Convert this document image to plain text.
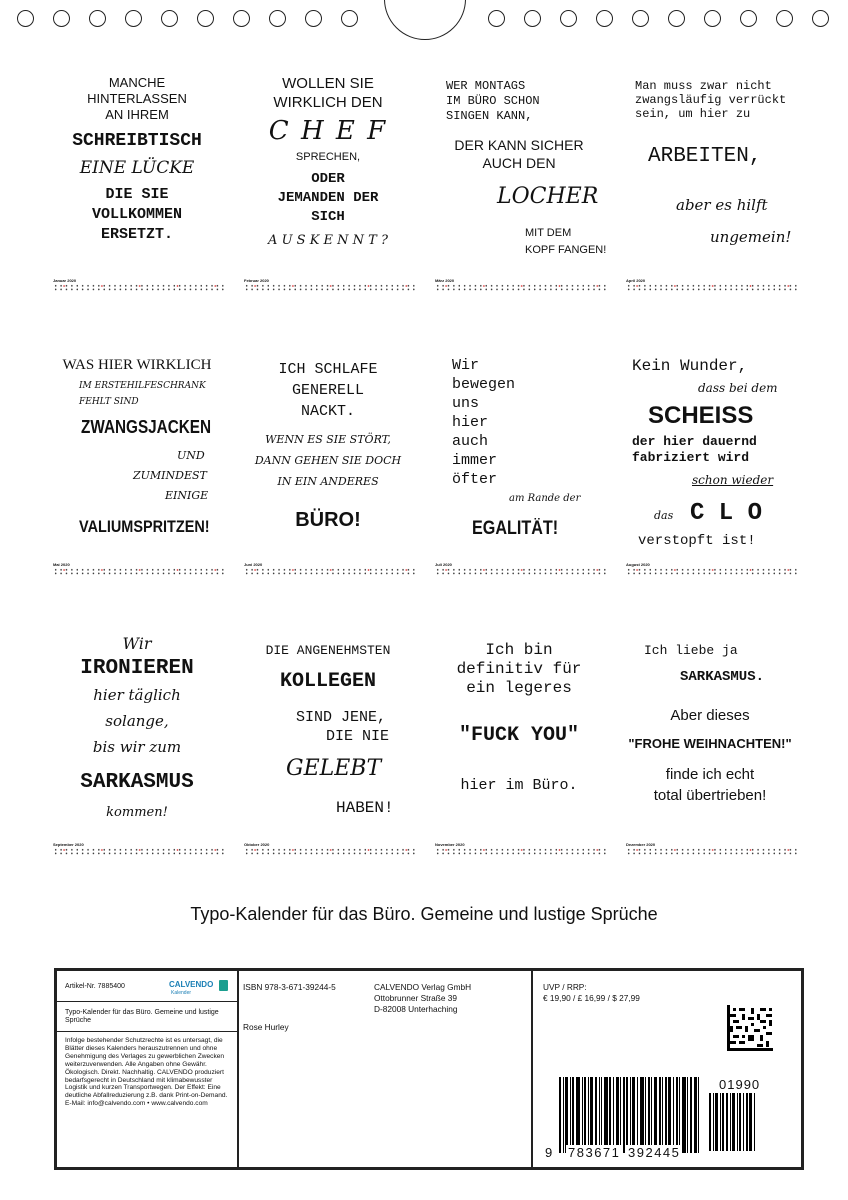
MANCHE
HINTERLASSEN
AN IHREM
SCHREIBTISCH
EINE LÜCKE
DIE SIE
VOLLKOMMEN
ERSETZT.
Januar 2020
WOLLEN SIE
WIRKLICH DEN
C H E F
SPRECHEN,
ODER
JEMANDEN DER
SICH
A U S K E N N T ?
Februar 2020
WER MONTAGS
IM BÜRO SCHON
SINGEN KANN,
DER KANN SICHER
AUCH DEN
LOCHER
MIT DEM
KOPF FANGEN!
März 2020
Man muss zwar nicht
zwangsläufig verrückt
sein, um hier zu
ARBEITEN,
aber es hilft
ungemein!
April 2020
WAS HIER WIRKLICH
IM ERSTEHILFESCHRANK
FEHLT SIND
ZWANGSJACKEN
UND
ZUMINDEST
EINIGE
VALIUMSPRITZEN!
Mai 2020
ICH SCHLAFE
GENERELL
NACKT.
WENN ES SIE STÖRT,
DANN GEHEN SIE DOCH
IN EIN ANDERES
BÜRO!
Juni 2020
Wir
bewegen
uns
hier
auch
immer
öfter
am Rande der
EGALITÄT!
Juli 2020
Kein Wunder,
dass bei dem
SCHEISS
der hier dauernd
fabriziert wird
schon wieder
das C L O
verstopft ist!
August 2020
Wir
IRONIEREN
hier täglich
solange,
bis wir zum
SARKASMUS
kommen!
September 2020
DIE ANGENEHMSTEN
KOLLEGEN
SIND JENE,
DIE NIE
GELEBT
HABEN!
Oktober 2020
Ich bin
definitiv für
ein legeres
"FUCK YOU"
hier im Büro.
November 2020
Ich liebe ja
SARKASMUS.
Aber dieses
"FROHE WEIHNACHTEN!"
finde ich echt
total übertrieben!
Dezember 2020
Typo-Kalender für das Büro. Gemeine und lustige Sprüche
Artikel-Nr. 7885400	CALVENDO
Kalender
Typo-Kalender für das Büro. Gemeine und lustige Sprüche
Infolge bestehender Schutzrechte ist es untersagt, die Blätter dieses Kalenders herauszutrennen und ohne Genehmigung des Verlages zu gewerblichen Zwecken weiterzuverwenden. Alle Angaben ohne Gewähr. Ökologisch. Direkt. Nachhaltig. CALVENDO produziert bedarfsgerecht in Deutschland mit klimabewusster Logistik und kurzen Transportwegen. Der Effekt: Eine deutliche Abfallreduzierung z.B. dank Print-on-Demand. E-Mail: info@calvendo.com • www.calvendo.com
ISBN 978-3-671-39244-5
Rose Hurley
CALVENDO Verlag GmbH
Ottobrunner Straße 39
D-82008 Unterhaching
UVP / RRP:
€ 19,90 / £ 16,99 / $ 27,99
01990
9 783671 392445
